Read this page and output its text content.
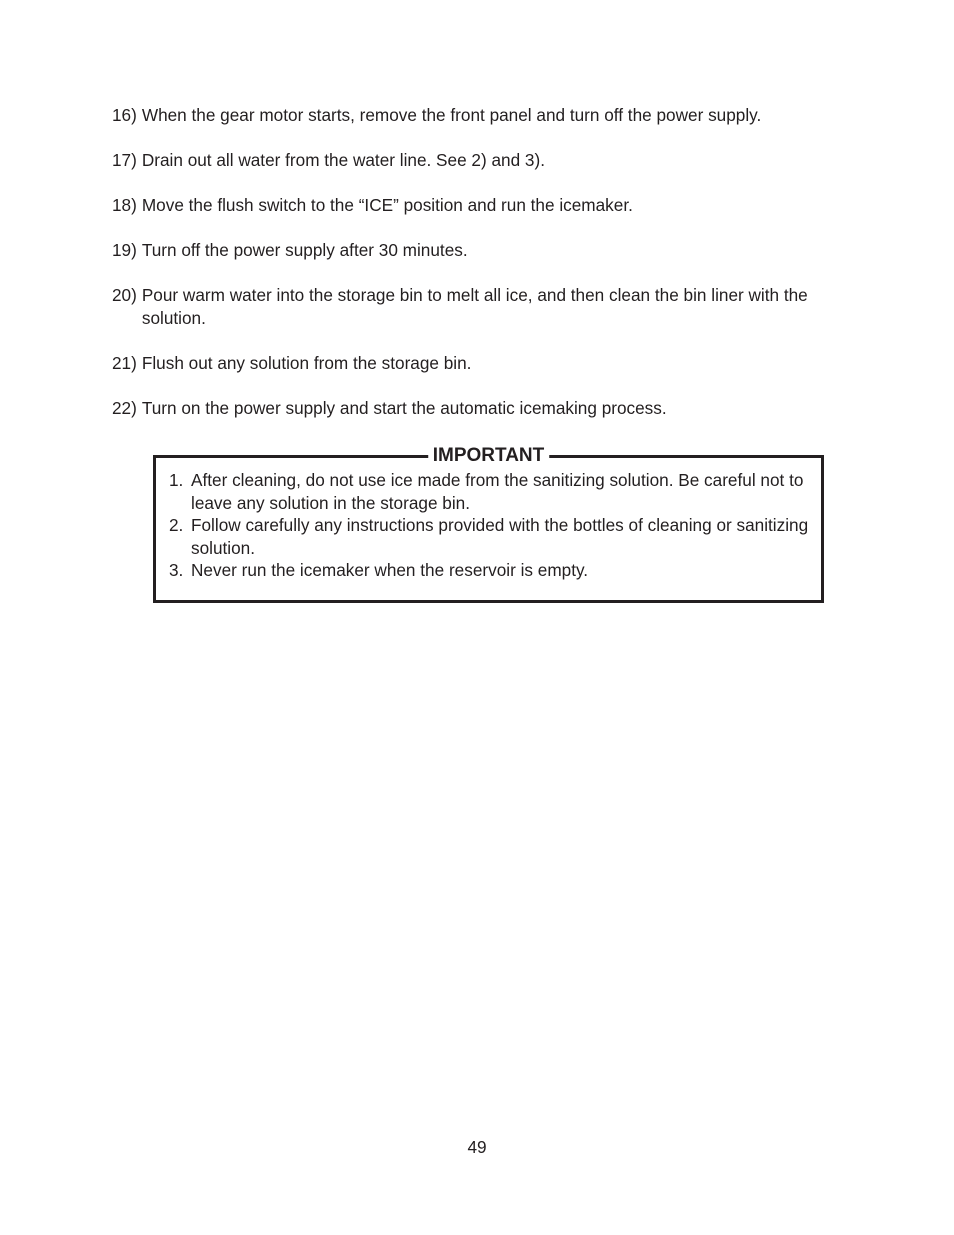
16) When the gear motor starts, remove the front panel and turn off the power supply.
17) Drain out all water from the water line. See 2) and 3).
18) Move the flush switch to the “ICE” position and run the icemaker.
19) Turn off the power supply after 30 minutes.
20) Pour warm water into the storage bin to melt all ice, and then clean the bin liner with the solution.
21) Flush out any solution from the storage bin.
22) Turn on the power supply and start the automatic icemaking process.
IMPORTANT
1. After cleaning, do not use ice made from the sanitizing solution. Be careful not to leave any solution in the storage bin.
2. Follow carefully any instructions provided with the bottles of cleaning or sanitizing solution.
3. Never run the icemaker when the reservoir is empty.
49
